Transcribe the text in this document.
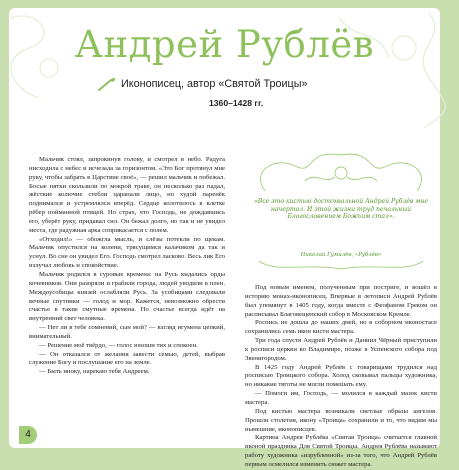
Андрей Рублёв
Иконописец, автор «Святой Троицы»
1360–1428 гг.

Мальчик стоял, запрокинув голову, и смотрел в небо. Радуга нисходила с небес и исчезала за горизонтом. «Это Бог протянул мне руку, чтобы забрать в Царствие своё», — решил мальчик и побежал. Босые пятки скользили по мокрой траве, он несколько раз падал, жёсткие колючие стебли царапали лицо, но худой паренёк поднимался и устремлялся вперёд. Сердце колотилось в клетке рёбер пойманной птицей. Но страх, что Господь, не дождавшись его, уберёт руку, придавал сил. Он бежал долго, но так и не увидел места, где радужная арка соприкасается с полем.

«Отходил!» — обожгла мысль, и слёзы потекли по щекам. Мальчик опустился на колени, трясущимся калачиком да так и уснул. Во сне он увидел Его. Господь смотрел ласково. Весь лик Его излучал любовь и спокойствие.

Мальчик родился в суровые времена: на Русь кидались орды кочевников. Они разоряли и грабили города, людей уводили в плен. Междоусобицы князей ослабляли Русь. За усобицами следовали вечные спутники — голод и мор. Кажется, невозможно обрести счастье в такие смутные времена. Но счастье всегда идёт на внутренний свет человека.

— Нет ли в тебе сомнений, сын мой? — взгляд игумена цепкий, внимательный.

— Решение моё твёрдо, — голос юноши тих и спокоен.

— Он отказался от желания завести семью, детей, выбрав служение Богу и послушание его на земле.

— Быть иноку, нарекаю тебя Андреем.

«Все это кистью достохвальной Андрей Рублёв мне начертал. И этой жизни труд печальный Благословением Божьим стал».
Николай Гумилёв, «Рублёв»

Под новым именем, полученным при постриге, и вошёл в историю монах-иконописец. Впервые в летописи Андрей Рублёв был упомянут в 1405 году, когда вместе с Феофаном Греком он расписывал Благовещенский собор в Московском Кремле.

Роспись не дошла до наших дней, но в соборном иконостасе сохранились семь икон кисти мастера.

Три года спустя Андрей Рублёв и Даниил Чёрный приступили к росписи церкви во Владимире, позже в Успенского собора под Звенигородом.

В 1425 году Андрей Рублёв с товарищами трудился над росписью Троицкого собора. Холод сковывал пальцы художника, но никакие тяготы не могли помешать ему.

— Помоги им, Господь, — молился в каждый мазок кисти мастера.

Под кистью мастера возникали светлые образы ангелов. Прошли столетия, икону «Троица» сохранили и то, что видим мы нынешние, иконописцев.

Картина Андрея Рублёва «Святая Троица» считается главной иконой праздника Для Святой Троицы. Андрея Рублёва называют работу художника «изрубленной» из-за того, что Андрей Рублёв первым осмелился изменить сюжет мастера.

4
